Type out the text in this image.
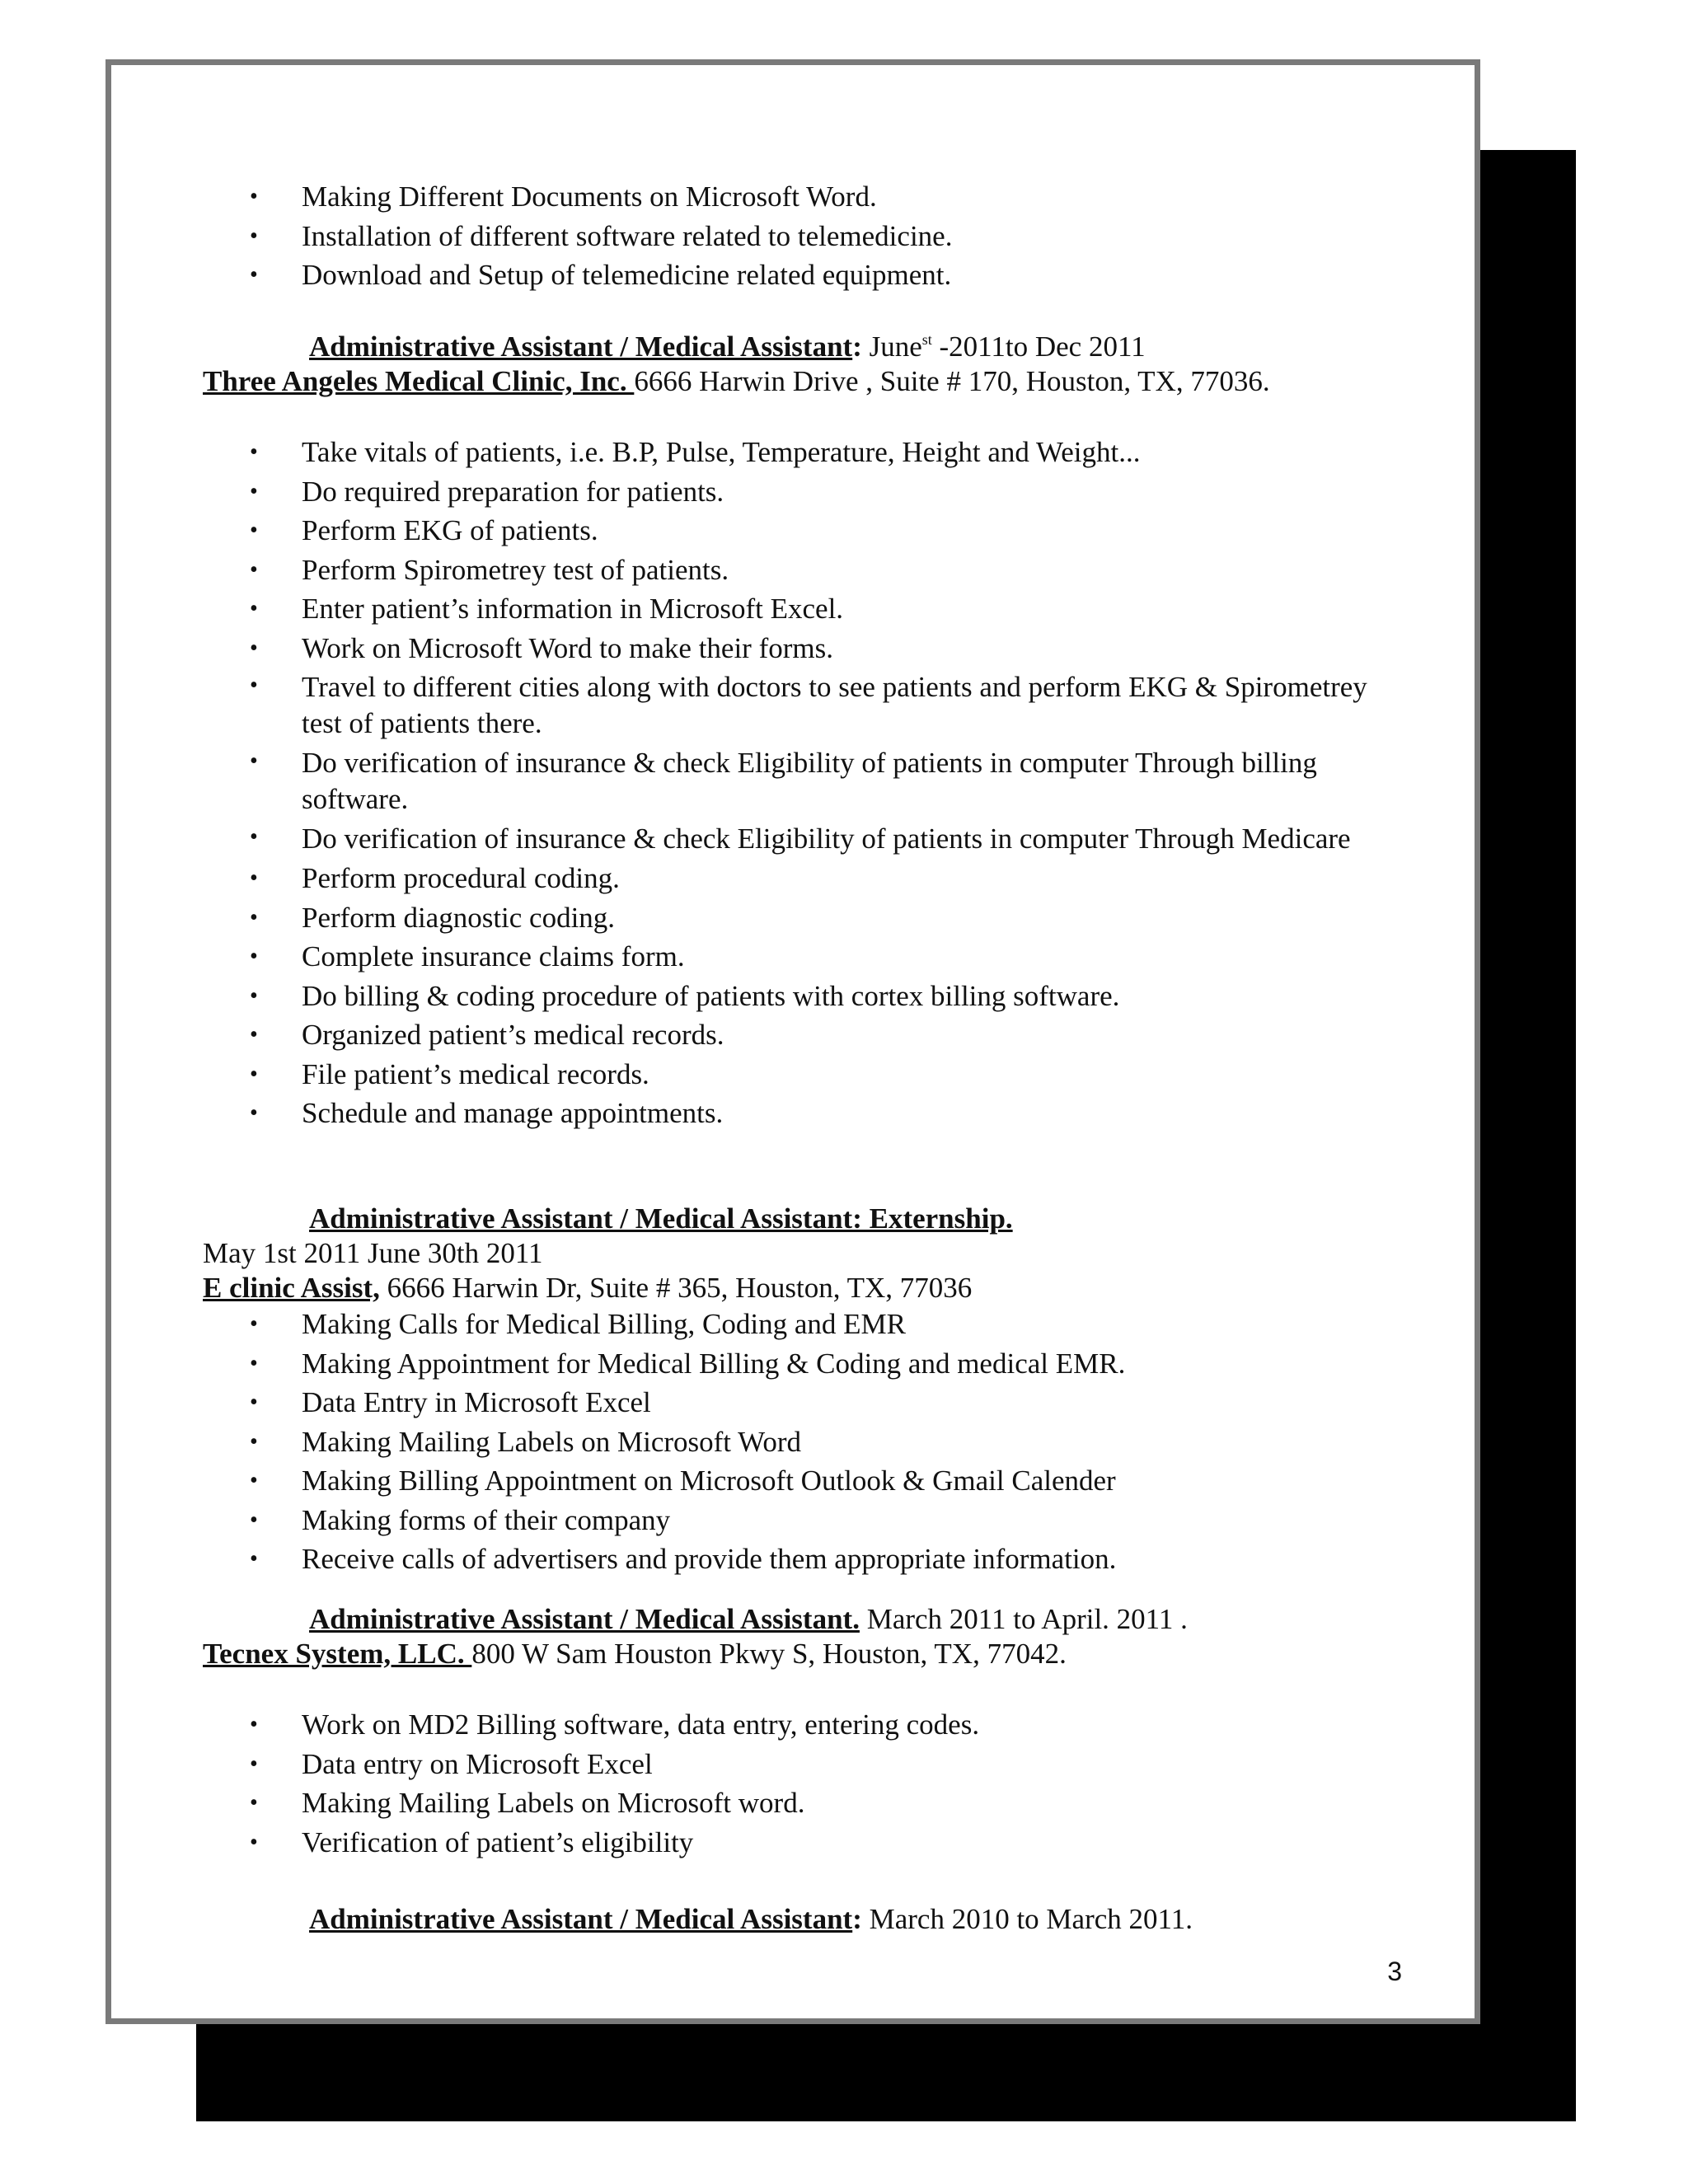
• Making Different Documents on Microsoft Word.
• Installation of different software related to telemedicine.
• Download and Setup of telemedicine related equipment.
Administrative Assistant / Medical Assistant: June$^{st}$ -2011to Dec 2011
Three Angeles Medical Clinic, Inc. 6666 Harwin Drive , Suite # 170, Houston, TX, 77036.
• Take vitals of patients, i.e. B.P, Pulse, Temperature, Height and Weight...
• Do required preparation for patients.
• Perform EKG of patients.
• Perform Spirometrey test of patients.
• Enter patient’s information in Microsoft Excel.
• Work on Microsoft Word to make their forms.
• Travel to different cities along with doctors to see patients and perform EKG & Spirometrey test of patients there.
• Do verification of insurance & check Eligibility of patients in computer Through billing software.
• Do verification of insurance & check Eligibility of patients in computer Through Medicare
• Perform procedural coding.
• Perform diagnostic coding.
• Complete insurance claims form.
• Do billing & coding procedure of patients with cortex billing software.
• Organized patient’s medical records.
• File patient’s medical records.
• Schedule and manage appointments.
Administrative Assistant / Medical Assistant: Externship.
May 1st 2011 June 30th 2011
E clinic Assist, 6666 Harwin Dr, Suite # 365, Houston, TX, 77036
• Making Calls for Medical Billing, Coding and EMR
• Making Appointment for Medical Billing & Coding and medical EMR.
• Data Entry in Microsoft Excel
• Making Mailing Labels on Microsoft Word
• Making Billing Appointment on Microsoft Outlook & Gmail Calender
• Making forms of their company
• Receive calls of advertisers and provide them appropriate information.
Administrative Assistant / Medical Assistant. March 2011 to April. 2011 .
Tecnex System, LLC. 800 W Sam Houston Pkwy S, Houston, TX, 77042.
• Work on MD2 Billing software, data entry, entering codes.
• Data entry on Microsoft Excel
• Making Mailing Labels on Microsoft word.
• Verification of patient’s eligibility
Administrative Assistant / Medical Assistant: March 2010 to March 2011.
3
